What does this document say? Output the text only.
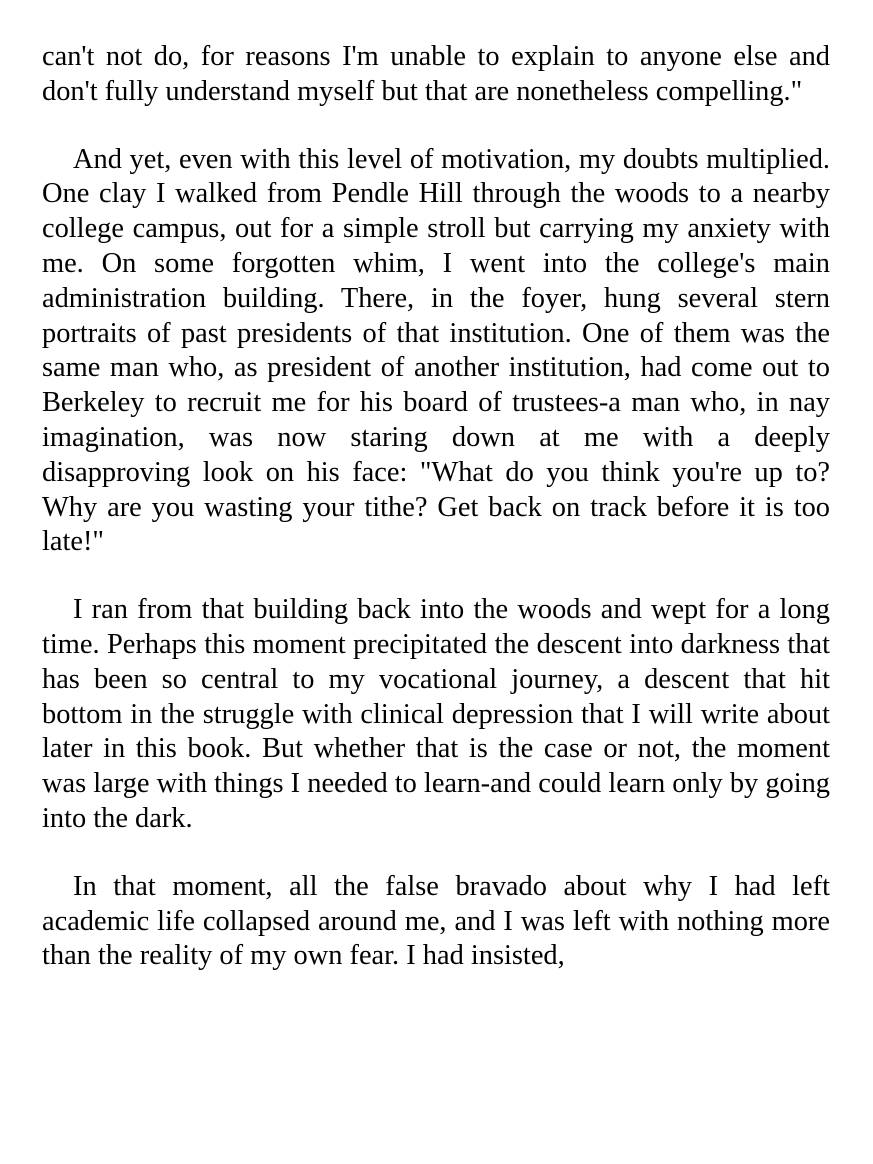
can't not do, for reasons I'm unable to explain to anyone else and don't fully understand myself but that are nonetheless compelling."

And yet, even with this level of motivation, my doubts multiplied. One clay I walked from Pendle Hill through the woods to a nearby college campus, out for a simple stroll but carrying my anxiety with me. On some forgotten whim, I went into the college's main administration building. There, in the foyer, hung several stern portraits of past presidents of that institution. One of them was the same man who, as president of another institution, had come out to Berkeley to recruit me for his board of trustees-a man who, in nay imagination, was now staring down at me with a deeply disapproving look on his face: "What do you think you're up to? Why are you wasting your tithe? Get back on track before it is too late!"

I ran from that building back into the woods and wept for a long time. Perhaps this moment precipitated the descent into darkness that has been so central to my vocational journey, a descent that hit bottom in the struggle with clinical depression that I will write about later in this book. But whether that is the case or not, the moment was large with things I needed to learn-and could learn only by going into the dark.

In that moment, all the false bravado about why I had left academic life collapsed around me, and I was left with nothing more than the reality of my own fear. I had insisted,
